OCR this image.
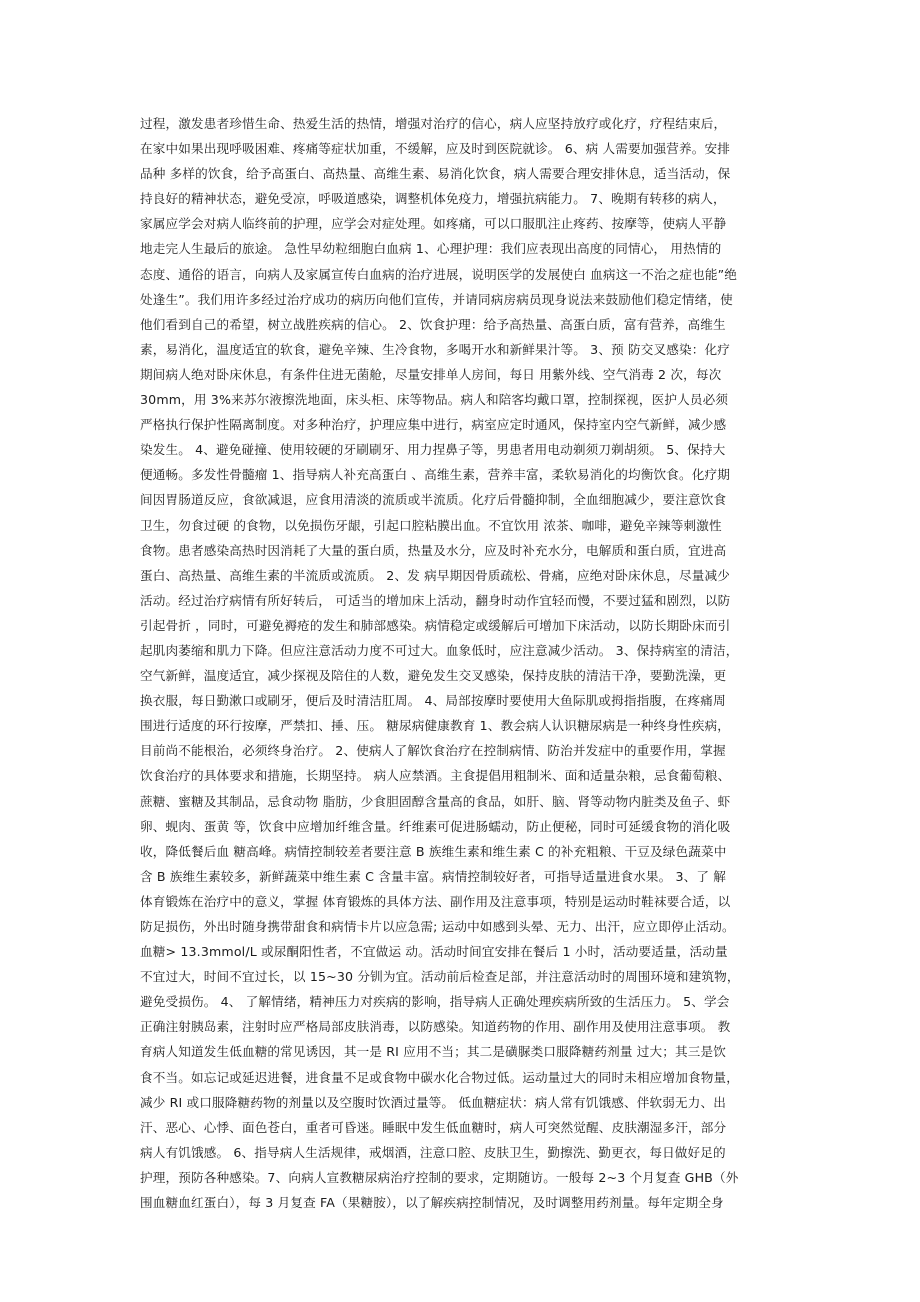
过程，激发患者珍惜生命、热爱生活的热情，增强对治疗的信心，病人应坚持放疗或化疗，疗程结束后，
在家中如果出现呼吸困难、疼痛等症状加重，不缓解，应及时到医院就诊。 6、病 人需要加强营养。安排
品种 多样的饮食，给予高蛋白、高热量、高维生素、易消化饮食，病人需要合理安排休息，适当活动，保
持良好的精神状态，避免受凉，呼吸道感染，调整机体免疫力，增强抗病能力。 7、晚期有转移的病人，
家属应学会对病人临终前的护理，应学会对症处理。如疼痛，可以口服肌注止疼药、按摩等，使病人平静
地走完人生最后的旅途。 急性早幼粒细胞白血病 1、心理护理：我们应表现出高度的同情心， 用热情的
态度、通俗的语言，向病人及家属宣传白血病的治疗进展，说明医学的发展使白 血病这一不治之症也能”绝
处逢生”。我们用许多经过治疗成功的病历向他们宣传，并请同病房病员现身说法来鼓励他们稳定情绪，使
他们看到自己的希望，树立战胜疾病的信心。 2、饮食护理：给予高热量、高蛋白质，富有营养，高维生
素，易消化，温度适宜的软食，避免辛辣、生冷食物，多喝开水和新鲜果汁等。 3、预 防交叉感染：化疗
期间病人绝对卧床休息，有条件住进无菌舱，尽量安排单人房间，每日 用紫外线、空气消毒 2 次，每次
30mm，用 3%来苏尔液擦洗地面，床头柜、床等物品。病人和陪客均戴口罩，控制探视，医护人员必须
严格执行保护性隔离制度。对多种治疗，护理应集中进行，病室应定时通风，保持室内空气新鲜，减少感
染发生。 4、避免碰撞、使用较硬的牙刷刷牙、用力捏鼻子等，男患者用电动剃须刀剃胡须。 5、保持大
便通畅。多发性骨髓瘤 1、指导病人补充高蛋白 、高维生素，营养丰富，柔软易消化的均衡饮食。化疗期
间因胃肠道反应，食欲减退，应食用清淡的流质或半流质。化疗后骨髓抑制，全血细胞减少，要注意饮食
卫生，勿食过硬 的食物，以免损伤牙龈，引起口腔粘膜出血。不宜饮用 浓茶、咖啡，避免辛辣等刺激性
食物。患者感染高热时因消耗了大量的蛋白质，热量及水分，应及时补充水分，电解质和蛋白质，宜进高
蛋白、高热量、高维生素的半流质或流质。 2、发 病早期因骨质疏松、骨痛，应绝对卧床休息，尽量减少
活动。经过治疗病情有所好转后， 可适当的增加床上活动，翻身时动作宜轻而慢，不要过猛和剧烈，以防
引起骨折 ，同时，可避免褥疮的发生和肺部感染。病情稳定或缓解后可增加下床活动，以防长期卧床而引
起肌肉萎缩和肌力下降。但应注意活动力度不可过大。血象低时，应注意减少活动。 3、保持病室的清洁，
空气新鲜，温度适宜，减少探视及陪住的人数，避免发生交叉感染，保持皮肤的清洁干净，要勤洗澡，更
换衣服，每日勤漱口或刷牙，便后及时清洁肛周。 4、局部按摩时要使用大鱼际肌或拇指指腹，在疼痛周
围进行适度的环行按摩，严禁扣、捶、压。 糖尿病健康教育 1、教会病人认识糖尿病是一种终身性疾病，
目前尚不能根治，必须终身治疗。 2、使病人了解饮食治疗在控制病情、防治并发症中的重要作用，掌握
饮食治疗的具体要求和措施，长期坚持。 病人应禁酒。主食提倡用粗制米、面和适量杂粮，忌食葡萄粮、
蔗糖、蜜糖及其制品，忌食动物 脂肪，少食胆固醇含量高的食品，如肝、脑、肾等动物内脏类及鱼子、虾
卵、蚬肉、蛋黄 等，饮食中应增加纤维含量。纤维素可促进肠蠕动，防止便秘，同时可延缓食物的消化吸
收，降低餐后血 糖高峰。病情控制较差者要注意 B 族维生素和维生素 C 的补充粗粮、干豆及绿色蔬菜中
含 B 族维生素较多，新鲜蔬菜中维生素 C 含量丰富。病情控制较好者，可指导适量进食水果。 3、了 解
体育锻炼在治疗中的意义，掌握 体育锻炼的具体方法、副作用及注意事项，特别是运动时鞋袜要合适，以
防足损伤，外出时随身携带甜食和病情卡片以应急需; 运动中如感到头晕、无力、出汗，应立即停止活动。
血糖> 13.3mmol/L 或尿酮阳性者，不宜做运 动。活动时间宜安排在餐后 1 小时，活动要适量，活动量
不宜过大，时间不宜过长，以 15~30 分钏为宜。活动前后检查足部，并注意活动时的周围环境和建筑物，
避免受损伤。 4、 了解情绪，精神压力对疾病的影响，指导病人正确处理疾病所致的生活压力。 5、学会
正确注射胰岛素，注射时应严格局部皮肤消毒，以防感染。知道药物的作用、副作用及使用注意事项。 教
育病人知道发生低血糖的常见诱因，其一是 RI 应用不当；其二是磺脲类口服降糖药剂量 过大；其三是饮
食不当。如忘记或延迟进餐，进食量不足或食物中碳水化合物过低。运动量过大的同时未相应增加食物量，
减少 RI 或口服降糖药物的剂量以及空腹时饮酒过量等。 低血糖症状：病人常有饥饿感、伴软弱无力、出
汗、恶心、心悸、面色苍白，重者可昏迷。睡眠中发生低血糖时，病人可突然觉醒、皮肤潮湿多汗，部分
病人有饥饿感。 6、指导病人生活规律，戒烟酒，注意口腔、皮肤卫生，勤擦洗、勤更衣，每日做好足的
护理，预防各种感染。7、向病人宣教糖尿病治疗控制的要求，定期随访。一般每 2~3 个月复查 GHB（外
围血糖血红蛋白），每 3 月复查 FA（果糖胺），以了解疾病控制情况，及时调整用药剂量。每年定期全身
